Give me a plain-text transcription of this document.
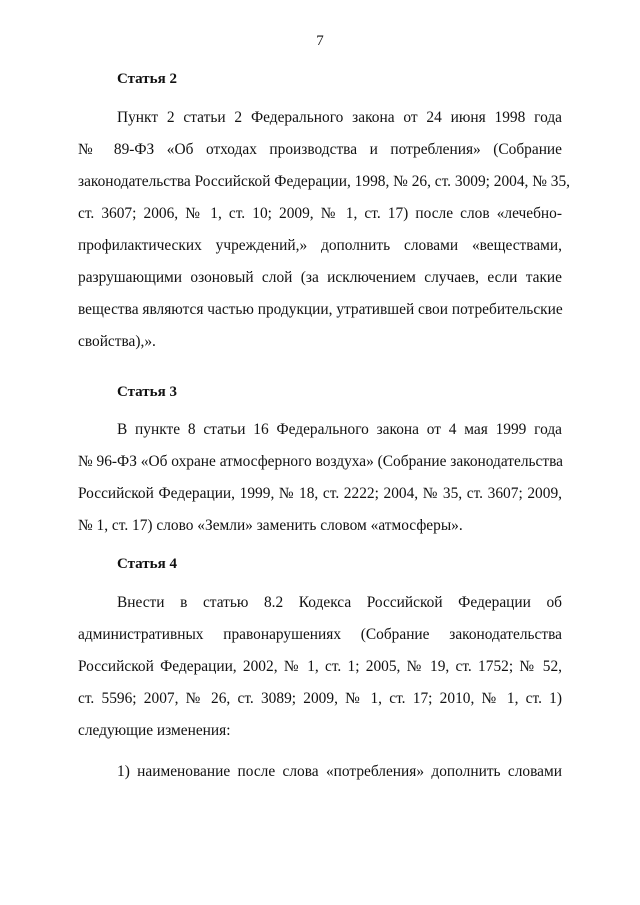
7
Статья 2
Пункт 2 статьи 2 Федерального закона от 24 июня 1998 года
№ 89-ФЗ «Об отходах производства и потребления» (Собрание
законодательства Российской Федерации, 1998, № 26, ст. 3009; 2004, № 35,
ст. 3607; 2006, № 1, ст. 10; 2009, № 1, ст. 17) после слов «лечебно-
профилактических учреждений,» дополнить словами «веществами,
разрушающими озоновый слой (за исключением случаев, если такие
вещества являются частью продукции, утратившей свои потребительские
свойства),».
Статья 3
В пункте 8 статьи 16 Федерального закона от 4 мая 1999 года
№ 96-ФЗ «Об охране атмосферного воздуха» (Собрание законодательства
Российской Федерации, 1999, № 18, ст. 2222; 2004, № 35, ст. 3607; 2009,
№ 1, ст. 17) слово «Земли» заменить словом «атмосферы».
Статья 4
Внести в статью 8.2 Кодекса Российской Федерации об
административных правонарушениях (Собрание законодательства
Российской Федерации, 2002, № 1, ст. 1; 2005, № 19, ст. 1752; № 52,
ст. 5596; 2007, № 26, ст. 3089; 2009, № 1, ст. 17; 2010, № 1, ст. 1)
следующие изменения:
1) наименование после слова «потребления» дополнить словами
